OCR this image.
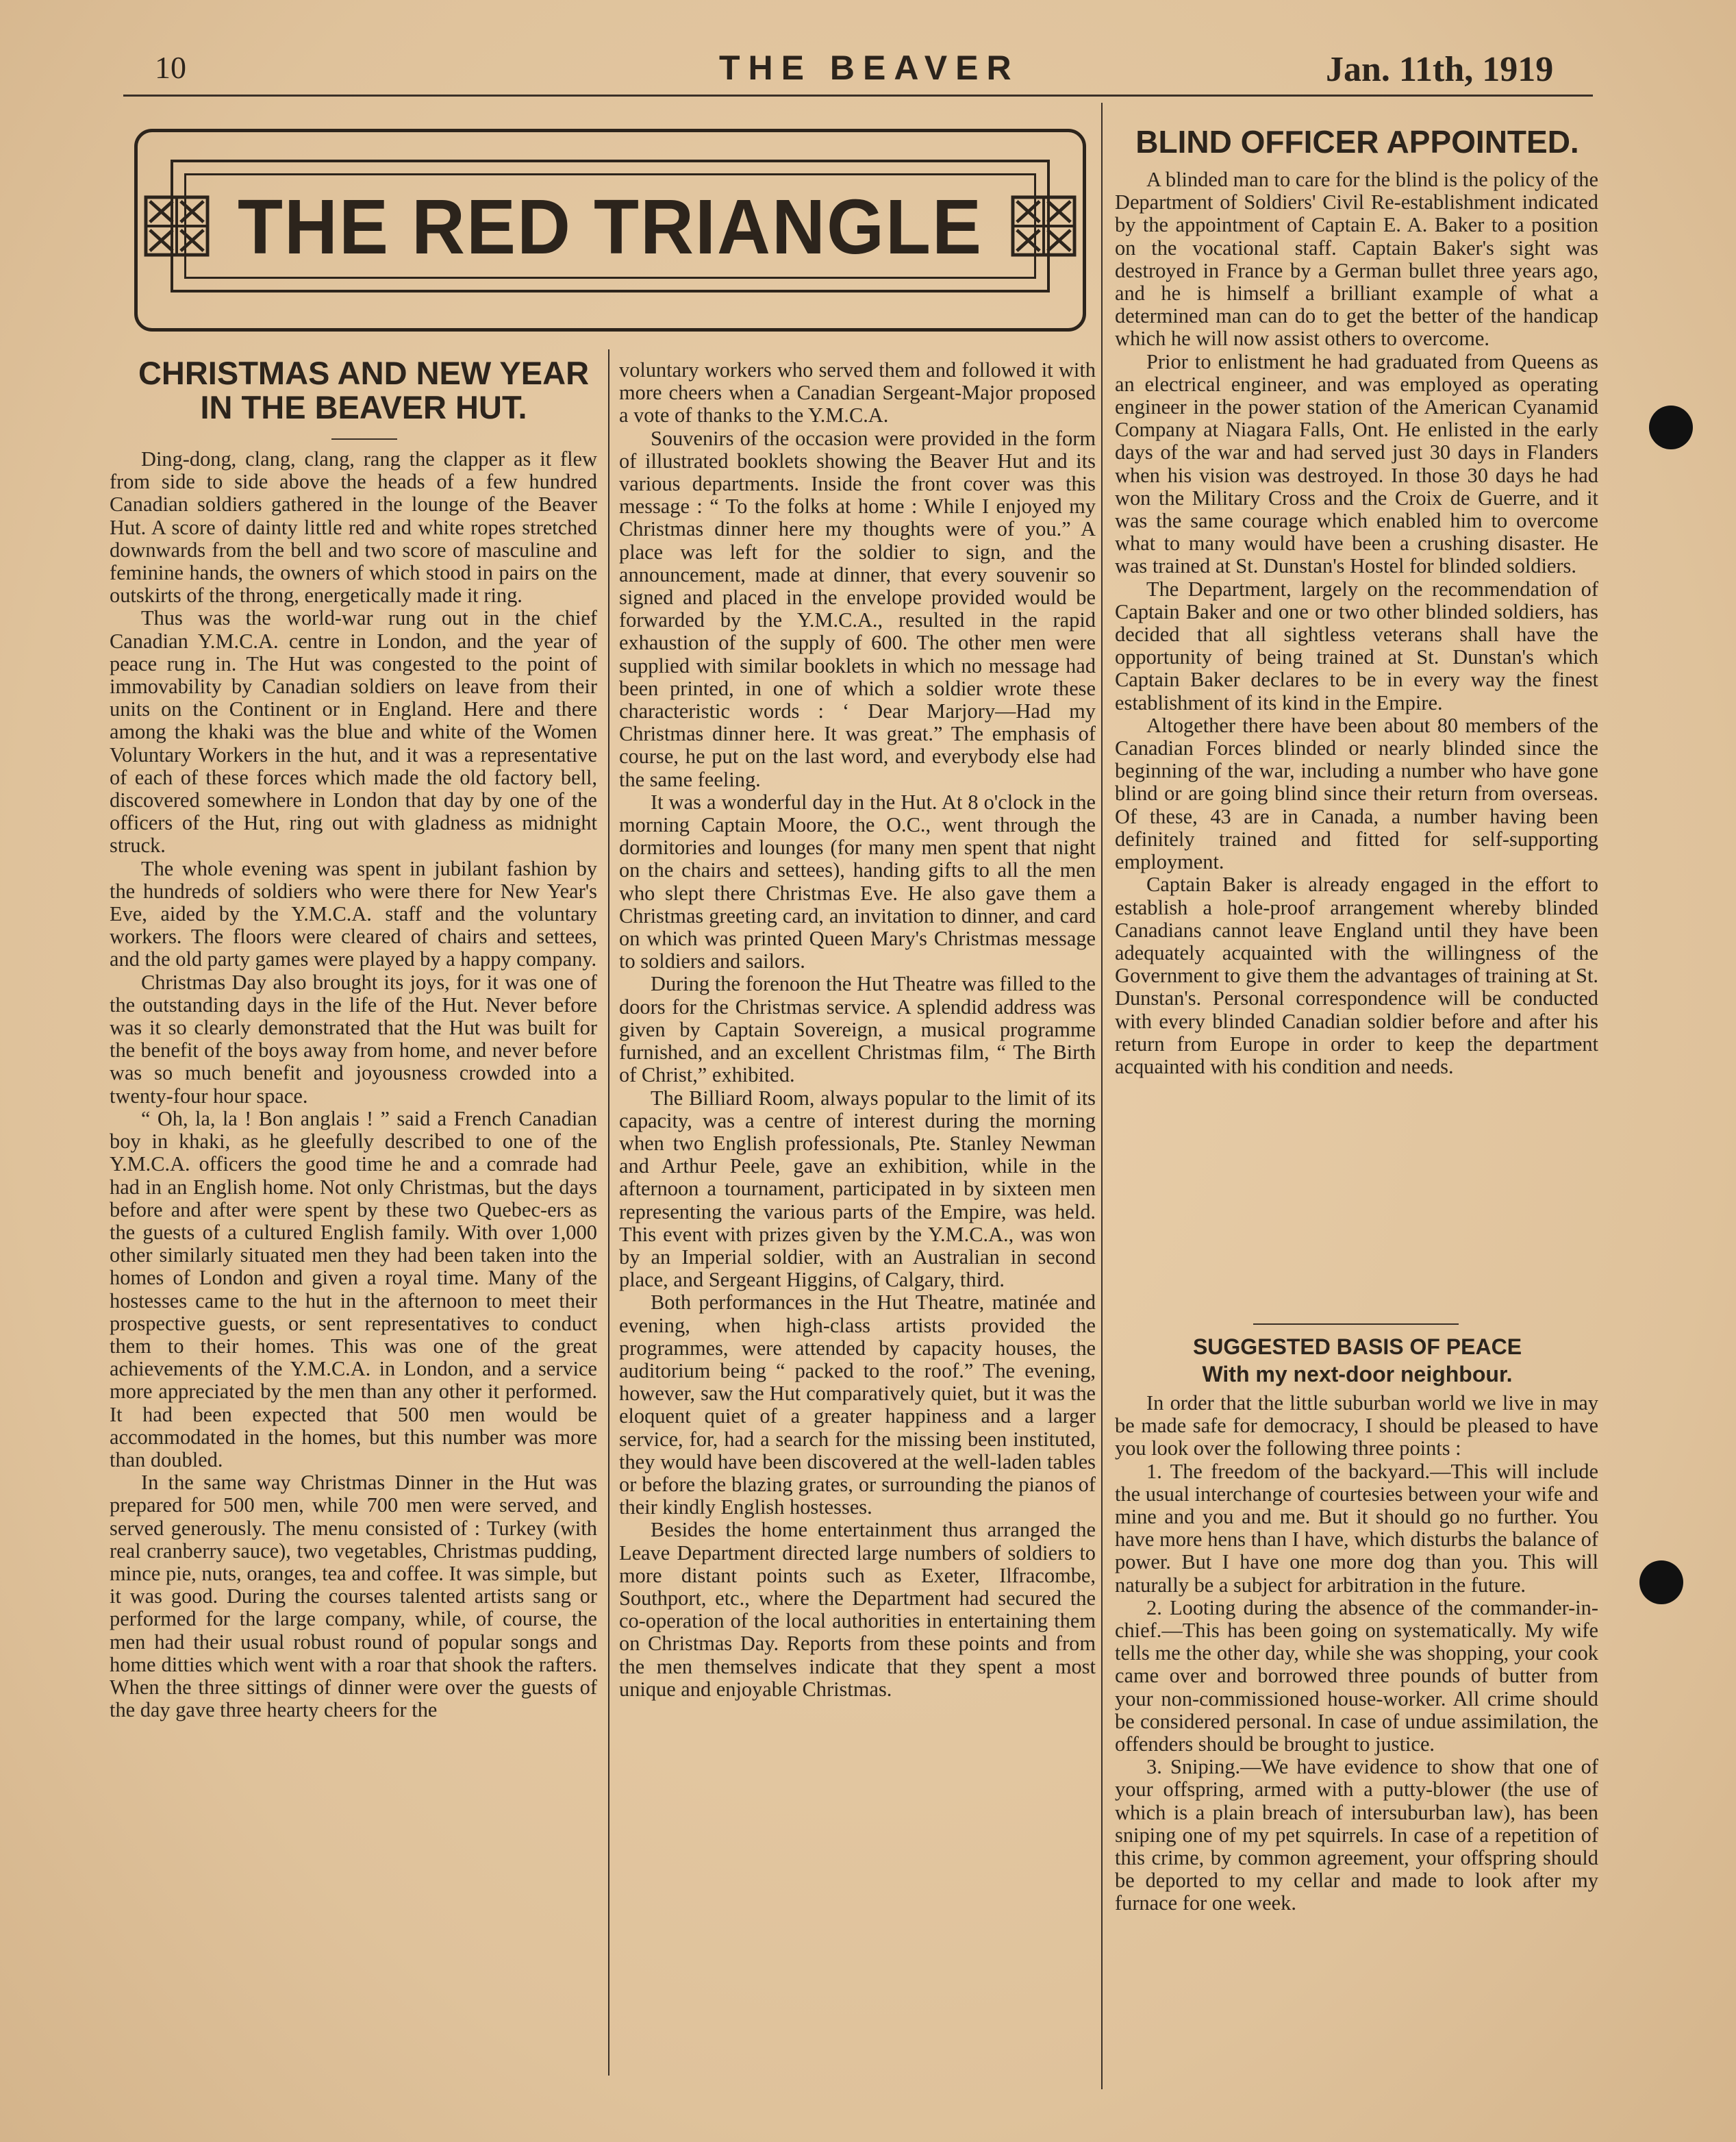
10	THE BEAVER	Jan. 11th, 1919
THE RED TRIANGLE
CHRISTMAS AND NEW YEAR
IN THE BEAVER HUT.

Ding-dong, clang, clang, rang the clapper as it flew from side to side above the heads of a few hundred Canadian soldiers gathered in the lounge of the Beaver Hut. A score of dainty little red and white ropes stretched downwards from the bell and two score of masculine and feminine hands, the owners of which stood in pairs on the outskirts of the throng, energetically made it ring.

Thus was the world-war rung out in the chief Canadian Y.M.C.A. centre in London, and the year of peace rung in. The Hut was congested to the point of immovability by Canadian soldiers on leave from their units on the Continent or in England. Here and there among the khaki was the blue and white of the Women Voluntary Workers in the hut, and it was a representative of each of these forces which made the old factory bell, discovered somewhere in London that day by one of the officers of the Hut, ring out with gladness as midnight struck.

The whole evening was spent in jubilant fashion by the hundreds of soldiers who were there for New Year's Eve, aided by the Y.M.C.A. staff and the voluntary workers. The floors were cleared of chairs and settees, and the old party games were played by a happy company.

Christmas Day also brought its joys, for it was one of the outstanding days in the life of the Hut. Never before was it so clearly demonstrated that the Hut was built for the benefit of the boys away from home, and never before was so much benefit and joyousness crowded into a twenty-four hour space.

“ Oh, la, la ! Bon anglais ! ” said a French Canadian boy in khaki, as he gleefully described to one of the Y.M.C.A. officers the good time he and a comrade had had in an English home. Not only Christmas, but the days before and after were spent by these two Quebec-ers as the guests of a cultured English family. With over 1,000 other similarly situated men they had been taken into the homes of London and given a royal time. Many of the hostesses came to the hut in the afternoon to meet their prospective guests, or sent representatives to conduct them to their homes. This was one of the great achievements of the Y.M.C.A. in London, and a service more appreciated by the men than any other it performed. It had been expected that 500 men would be accommodated in the homes, but this number was more than doubled.

In the same way Christmas Dinner in the Hut was prepared for 500 men, while 700 men were served, and served generously. The menu consisted of : Turkey (with real cranberry sauce), two vegetables, Christmas pudding, mince pie, nuts, oranges, tea and coffee. It was simple, but it was good. During the courses talented artists sang or performed for the large company, while, of course, the men had their usual robust round of popular songs and home ditties which went with a roar that shook the rafters. When the three sittings of dinner were over the guests of the day gave three hearty cheers for the

voluntary workers who served them and followed it with more cheers when a Canadian Sergeant-Major proposed a vote of thanks to the Y.M.C.A.

Souvenirs of the occasion were provided in the form of illustrated booklets showing the Beaver Hut and its various departments. Inside the front cover was this message : “ To the folks at home : While I enjoyed my Christmas dinner here my thoughts were of you.” A place was left for the soldier to sign, and the announcement, made at dinner, that every souvenir so signed and placed in the envelope provided would be forwarded by the Y.M.C.A., resulted in the rapid exhaustion of the supply of 600. The other men were supplied with similar booklets in which no message had been printed, in one of which a soldier wrote these characteristic words : ‘ Dear Marjory—Had my Christmas dinner here. It was great.” The emphasis of course, he put on the last word, and everybody else had the same feeling.

It was a wonderful day in the Hut. At 8 o'clock in the morning Captain Moore, the O.C., went through the dormitories and lounges (for many men spent that night on the chairs and settees), handing gifts to all the men who slept there Christmas Eve. He also gave them a Christmas greeting card, an invitation to dinner, and card on which was printed Queen Mary's Christmas message to soldiers and sailors.

During the forenoon the Hut Theatre was filled to the doors for the Christmas service. A splendid address was given by Captain Sovereign, a musical programme furnished, and an excellent Christmas film, “ The Birth of Christ,” exhibited.

The Billiard Room, always popular to the limit of its capacity, was a centre of interest during the morning when two English professionals, Pte. Stanley Newman and Arthur Peele, gave an exhibition, while in the afternoon a tournament, participated in by sixteen men representing the various parts of the Empire, was held. This event with prizes given by the Y.M.C.A., was won by an Imperial soldier, with an Australian in second place, and Sergeant Higgins, of Calgary, third.

Both performances in the Hut Theatre, matinée and evening, when high-class artists provided the programmes, were attended by capacity houses, the auditorium being “ packed to the roof.” The evening, however, saw the Hut comparatively quiet, but it was the eloquent quiet of a greater happiness and a larger service, for, had a search for the missing been instituted, they would have been discovered at the well-laden tables or before the blazing grates, or surrounding the pianos of their kindly English hostesses.

Besides the home entertainment thus arranged the Leave Department directed large numbers of soldiers to more distant points such as Exeter, Ilfracombe, Southport, etc., where the Department had secured the co-operation of the local authorities in entertaining them on Christmas Day. Reports from these points and from the men themselves indicate that they spent a most unique and enjoyable Christmas.

BLIND OFFICER APPOINTED.

A blinded man to care for the blind is the policy of the Department of Soldiers' Civil Re-establishment indicated by the appointment of Captain E. A. Baker to a position on the vocational staff. Captain Baker's sight was destroyed in France by a German bullet three years ago, and he is himself a brilliant example of what a determined man can do to get the better of the handicap which he will now assist others to overcome.

Prior to enlistment he had graduated from Queens as an electrical engineer, and was employed as operating engineer in the power station of the American Cyanamid Company at Niagara Falls, Ont. He enlisted in the early days of the war and had served just 30 days in Flanders when his vision was destroyed. In those 30 days he had won the Military Cross and the Croix de Guerre, and it was the same courage which enabled him to overcome what to many would have been a crushing disaster. He was trained at St. Dunstan's Hostel for blinded soldiers.

The Department, largely on the recommendation of Captain Baker and one or two other blinded soldiers, has decided that all sightless veterans shall have the opportunity of being trained at St. Dunstan's which Captain Baker declares to be in every way the finest establishment of its kind in the Empire.

Altogether there have been about 80 members of the Canadian Forces blinded or nearly blinded since the beginning of the war, including a number who have gone blind or are going blind since their return from overseas. Of these, 43 are in Canada, a number having been definitely trained and fitted for self-supporting employment.

Captain Baker is already engaged in the effort to establish a hole-proof arrangement whereby blinded Canadians cannot leave England until they have been adequately acquainted with the willingness of the Government to give them the advantages of training at St. Dunstan's. Personal correspondence will be conducted with every blinded Canadian soldier before and after his return from Europe in order to keep the department acquainted with his condition and needs.

SUGGESTED BASIS OF PEACE
With my next-door neighbour.

In order that the little suburban world we live in may be made safe for democracy, I should be pleased to have you look over the following three points :

1. The freedom of the backyard.—This will include the usual interchange of courtesies between your wife and mine and you and me. But it should go no further. You have more hens than I have, which disturbs the balance of power. But I have one more dog than you. This will naturally be a subject for arbitration in the future.

2. Looting during the absence of the commander-in-chief.—This has been going on systematically. My wife tells me the other day, while she was shopping, your cook came over and borrowed three pounds of butter from your non-commissioned house-worker. All crime should be considered personal. In case of undue assimilation, the offenders should be brought to justice.

3. Sniping.—We have evidence to show that one of your offspring, armed with a putty-blower (the use of which is a plain breach of intersuburban law), has been sniping one of my pet squirrels. In case of a repetition of this crime, by common agreement, your offspring should be deported to my cellar and made to look after my furnace for one week.
